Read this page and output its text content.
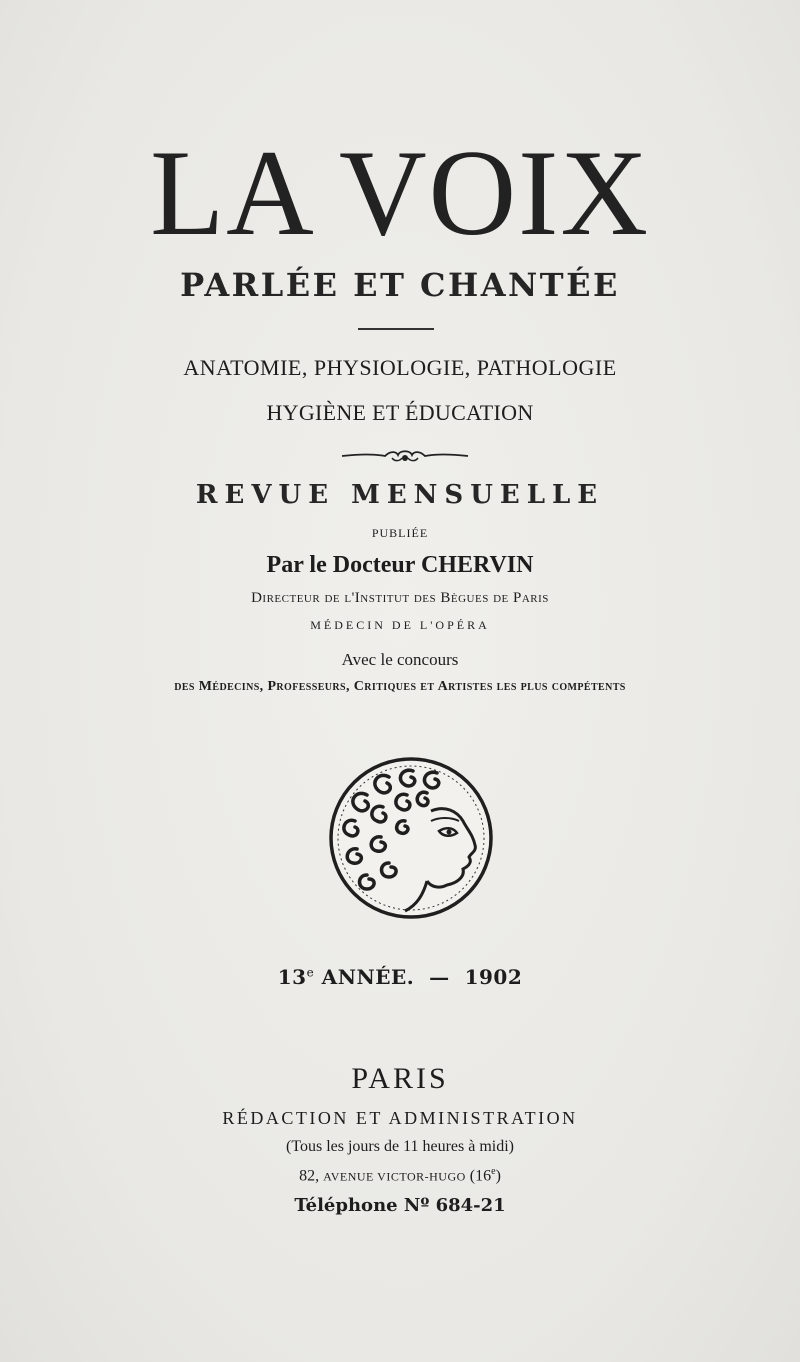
LA VOIX
PARLÉE ET CHANTÉE
ANATOMIE, PHYSIOLOGIE, PATHOLOGIE
HYGIÈNE ET ÉDUCATION
REVUE MENSUELLE
PUBLIÉE
Par le Docteur CHERVIN
Directeur de l'Institut des Bègues de Paris
MÉDECIN DE L'OPÉRA
Avec le concours
des Médecins, Professeurs, Critiques et Artistes les plus compétents
13e ANNÉE.  —  1902
PARIS
RÉDACTION ET ADMINISTRATION
(Tous les jours de 11 heures à midi)
82, AVENUE VICTOR-HUGO (16e)
Téléphone Nº 684-21
